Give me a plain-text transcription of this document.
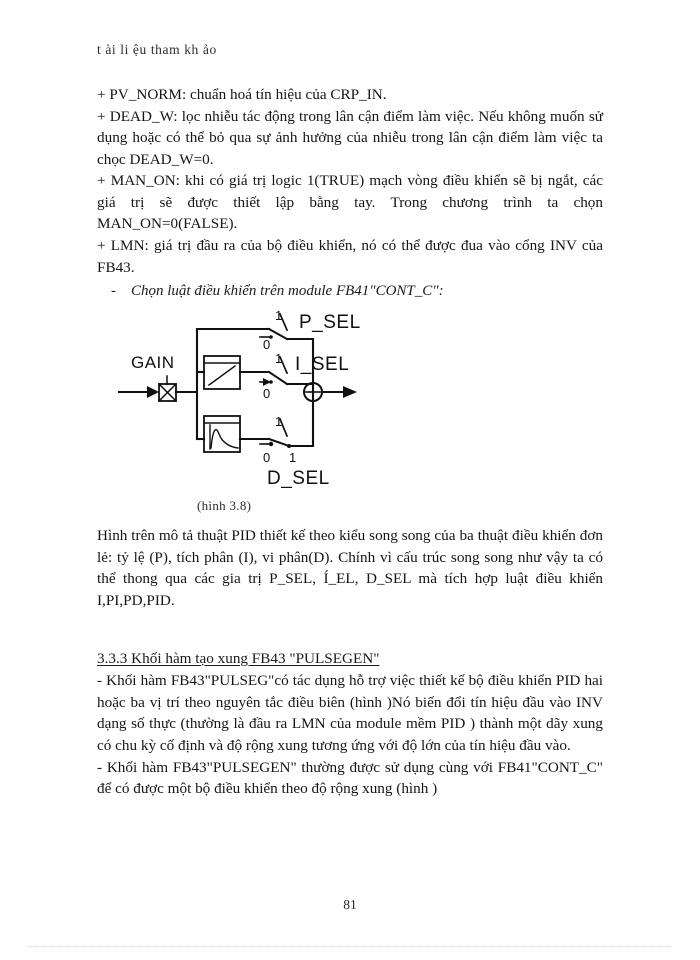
t ài li ệu tham kh ảo

+ PV_NORM: chuẩn hoá tín hiệu của CRP_IN.

+ DEAD_W: lọc nhiễu tác động trong lân cận điểm làm việc. Nếu không muốn sử dụng hoặc có thể bỏ qua sự ảnh hưởng của nhiễu trong lân cận điểm làm việc ta chọc DEAD_W=0.

+ MAN_ON: khi có giá trị logic 1(TRUE) mạch vòng điều khiển sẽ bị ngắt, các giá trị sẽ được thiết lập bằng tay. Trong chương trình ta chọn MAN_ON=0(FALSE).

+ LMN: giá trị đầu ra của bộ điều khiển, nó có thể được đua vào cổng INV của FB43.

- Chọn luật điều khiển trên module FB41"CONT_C":

GAIN
P_SEL
I_SEL
D_SEL
1
0
1
0
1
0 1
(hình 3.8)

Hình trên mô tả thuật PID thiết kế theo kiểu song song của ba thuật điều khiển đơn lẻ: tỷ lệ (P), tích phân (I), vi phân(D). Chính vì cấu trúc song song như vậy ta có thể thong qua các gia trị P_SEL, Í_EL, D_SEL mà tích hợp luật điều khiển I,PI,PD,PID.

3.3.3 Khối hàm tạo xung FB43 "PULSEGEN"

- Khối hàm FB43"PULSEG"có tác dụng hỗ trợ việc thiết kế bộ điều khiển PID hai hoặc ba vị trí theo nguyên tắc điều biên (hình )Nó biến đổi tín hiệu đầu vào INV dạng số thực (thường là đầu ra LMN của module mềm PID ) thành một dãy xung có chu kỳ cố định và độ rộng xung tương ứng với độ lớn của tín hiệu đầu vào.

- Khối hàm FB43"PULSEGEN" thường được sử dụng cùng với FB41"CONT_C" để có được một bộ điều khiển theo độ rộng xung (hình )

81
